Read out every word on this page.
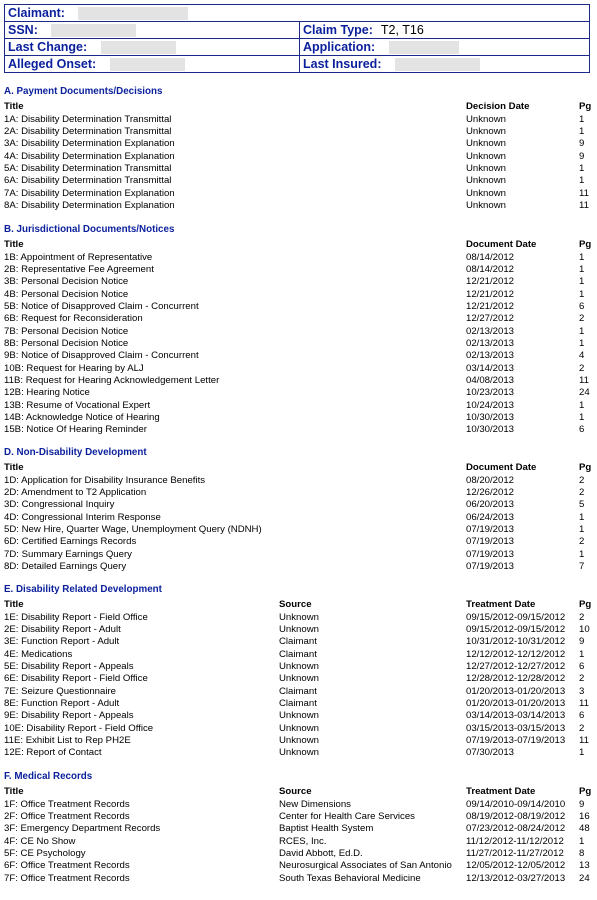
Claimant:	
SSN:	Claim Type: T2, T16
Last Change:	Application:
Alleged Onset:	Last Insured:
A. Payment Documents/Decisions
Title	Decision Date	Pg
1A: Disability Determination Transmittal	Unknown	1
2A: Disability Determination Transmittal	Unknown	1
3A: Disability Determination Explanation	Unknown	9
4A: Disability Determination Explanation	Unknown	9
5A: Disability Determination Transmittal	Unknown	1
6A: Disability Determination Transmittal	Unknown	1
7A: Disability Determination Explanation	Unknown	11
8A: Disability Determination Explanation	Unknown	11
B. Jurisdictional Documents/Notices
Title	Document Date	Pg
1B: Appointment of Representative	08/14/2012	1
2B: Representative Fee Agreement	08/14/2012	1
3B: Personal Decision Notice	12/21/2012	1
4B: Personal Decision Notice	12/21/2012	1
5B: Notice of Disapproved Claim - Concurrent	12/21/2012	6
6B: Request for Reconsideration	12/27/2012	2
7B: Personal Decision Notice	02/13/2013	1
8B: Personal Decision Notice	02/13/2013	1
9B: Notice of Disapproved Claim - Concurrent	02/13/2013	4
10B: Request for Hearing by ALJ	03/14/2013	2
11B: Request for Hearing Acknowledgement Letter	04/08/2013	11
12B: Hearing Notice	10/23/2013	24
13B: Resume of Vocational Expert	10/24/2013	1
14B: Acknowledge Notice of Hearing	10/30/2013	1
15B: Notice Of Hearing Reminder	10/30/2013	6
D. Non-Disability Development
Title	Document Date	Pg
1D: Application for Disability Insurance Benefits	08/20/2012	2
2D: Amendment to T2 Application	12/26/2012	2
3D: Congressional Inquiry	06/20/2013	5
4D: Congressional Interim Response	06/24/2013	1
5D: New Hire, Quarter Wage, Unemployment Query (NDNH)	07/19/2013	1
6D: Certified Earnings Records	07/19/2013	2
7D: Summary Earnings Query	07/19/2013	1
8D: Detailed Earnings Query	07/19/2013	7
E. Disability Related Development
Title	Source	Treatment Date	Pg
1E: Disability Report - Field Office	Unknown	09/15/2012-09/15/2012 2
2E: Disability Report - Adult	Unknown	09/15/2012-09/15/2012 10
3E: Function Report - Adult	Claimant	10/31/2012-10/31/2012 9
4E: Medications	Claimant	12/12/2012-12/12/2012 1
5E: Disability Report - Appeals	Unknown	12/27/2012-12/27/2012 6
6E: Disability Report - Field Office	Unknown	12/28/2012-12/28/2012 2
7E: Seizure Questionnaire	Claimant	01/20/2013-01/20/2013 3
8E: Function Report - Adult	Claimant	01/20/2013-01/20/2013 11
9E: Disability Report - Appeals	Unknown	03/14/2013-03/14/2013 6
10E: Disability Report - Field Office	Unknown	03/15/2013-03/15/2013 2
11E: Exhibit List to Rep PH2E	Unknown	07/19/2013-07/19/2013 11
12E: Report of Contact	Unknown	07/30/2013	1
F. Medical Records
Title	Source	Treatment Date	Pg
1F: Office Treatment Records	New Dimensions	09/14/2010-09/14/2010 9
2F: Office Treatment Records	Center for Health Care Services	08/19/2012-08/19/2012 16
3F: Emergency Department Records	Baptist Health System	07/23/2012-08/24/2012 48
4F: CE No Show	RCES, Inc.	11/12/2012-11/12/2012 1
5F: CE Psychology	David Abbott, Ed.D.	11/27/2012-11/27/2012 8
6F: Office Treatment Records	Neurosurgical Associates of San Antonio 12/05/2012-12/05/2012 13
7F: Office Treatment Records	South Texas Behavioral Medicine	12/13/2012-03/27/2013 24
